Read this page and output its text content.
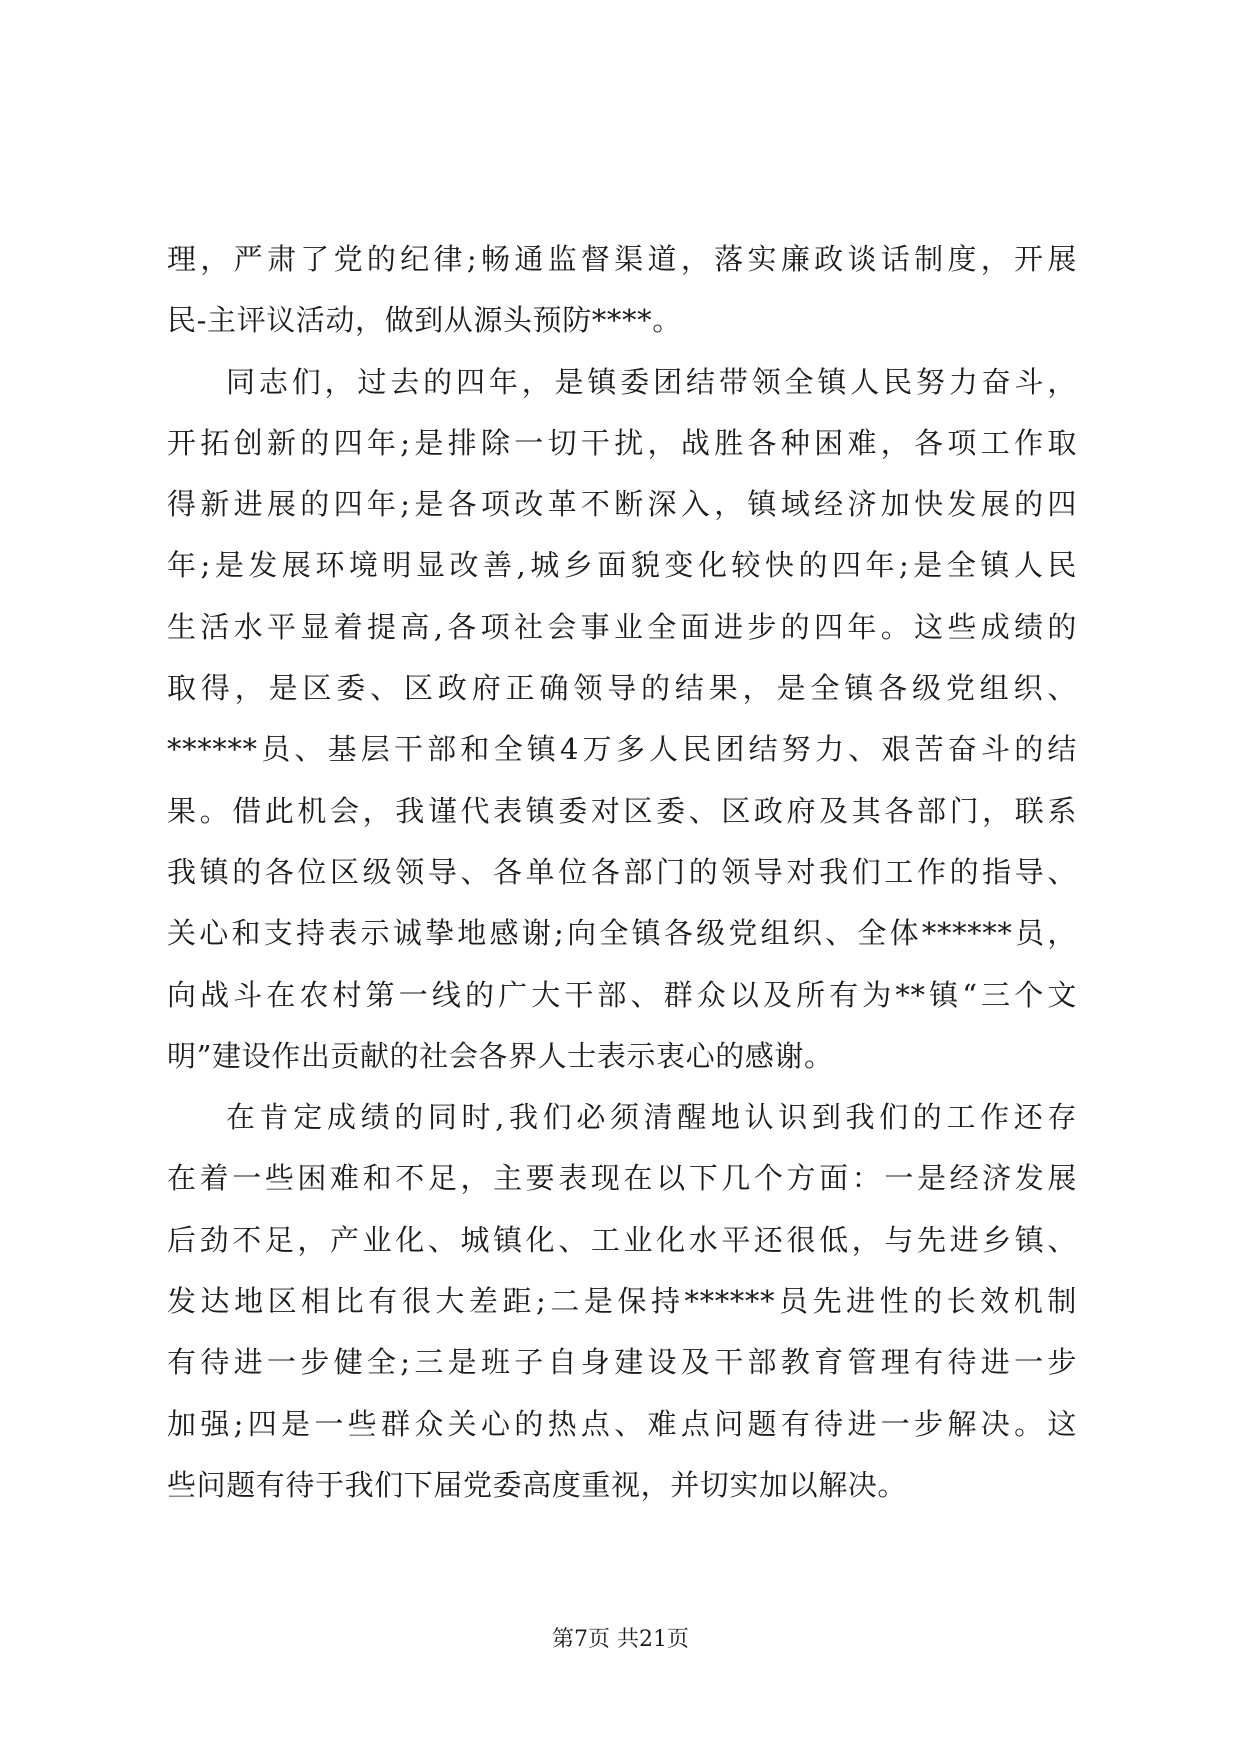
理，严肃了党的纪律;畅通监督渠道，落实廉政谈话制度，开展
民-主评议活动，做到从源头预防****。
同志们，过去的四年，是镇委团结带领全镇人民努力奋斗，
开拓创新的四年;是排除一切干扰，战胜各种困难，各项工作取
得新进展的四年;是各项改革不断深入，镇域经济加快发展的四
年;是发展环境明显改善,城乡面貌变化较快的四年;是全镇人民
生活水平显着提高,各项社会事业全面进步的四年。这些成绩的
取得，是区委、区政府正确领导的结果，是全镇各级党组织、
******员、基层干部和全镇4万多人民团结努力、艰苦奋斗的结
果。借此机会，我谨代表镇委对区委、区政府及其各部门，联系
我镇的各位区级领导、各单位各部门的领导对我们工作的指导、
关心和支持表示诚挚地感谢;向全镇各级党组织、全体******员，
向战斗在农村第一线的广大干部、群众以及所有为**镇“三个文
明”建设作出贡献的社会各界人士表示衷心的感谢。
在肯定成绩的同时,我们必须清醒地认识到我们的工作还存
在着一些困难和不足，主要表现在以下几个方面：一是经济发展
后劲不足，产业化、城镇化、工业化水平还很低，与先进乡镇、
发达地区相比有很大差距;二是保持******员先进性的长效机制
有待进一步健全;三是班子自身建设及干部教育管理有待进一步
加强;四是一些群众关心的热点、难点问题有待进一步解决。这
些问题有待于我们下届党委高度重视，并切实加以解决。
第7页 共21页
